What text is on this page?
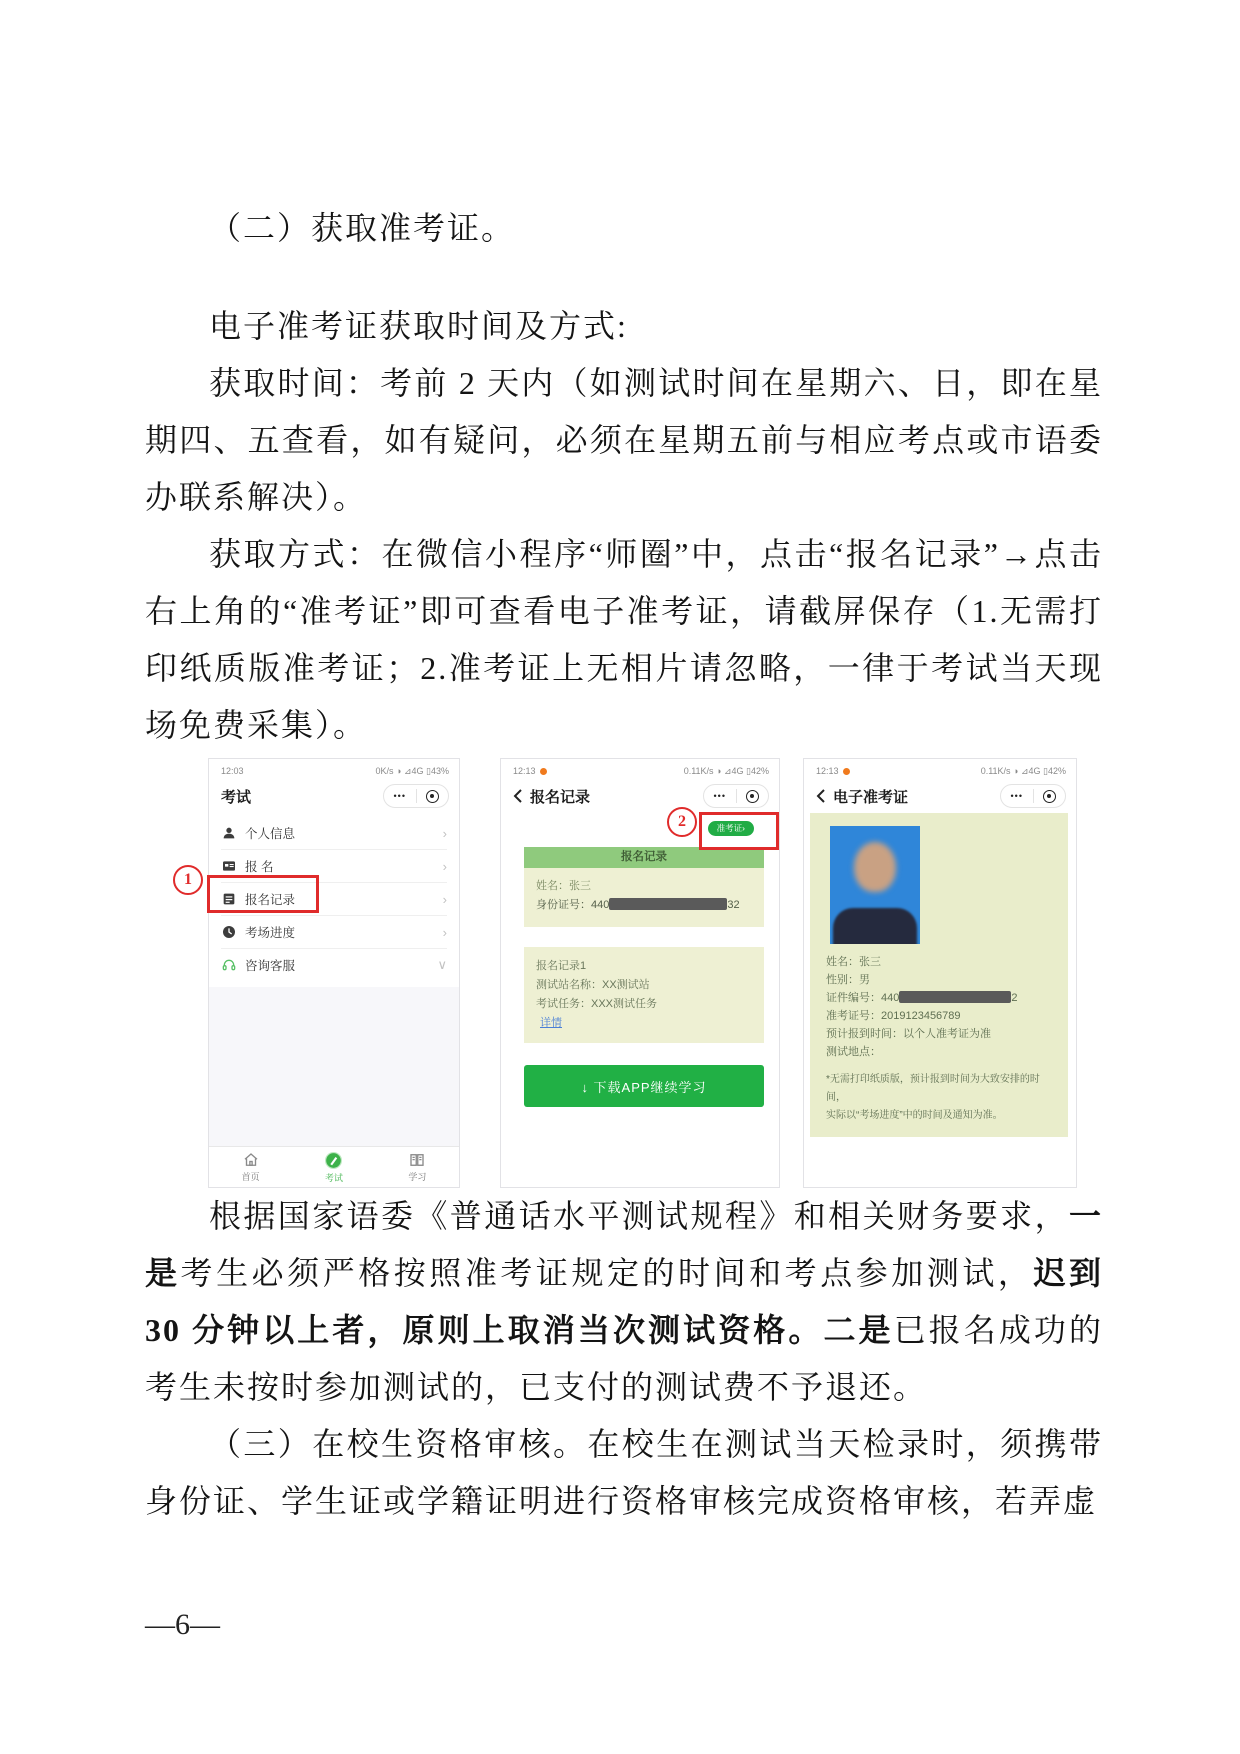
（二）获取准考证。

电子准考证获取时间及方式:

获取时间：考前 2 天内（如测试时间在星期六、日，即在星期四、五查看，如有疑问，必须在星期五前与相应考点或市语委办联系解决）。

获取方式：在微信小程序“师圈”中，点击“报名记录”→点击右上角的“准考证”即可查看电子准考证，请截屏保存（1.无需打印纸质版准考证；2.准考证上无相片请忽略，一律于考试当天现场免费采集）。

12:03	0K/s ◑ ⊿4G ▯43%
考试	•••
个人信息	›
报 名	›
报名记录	›
考场进度	›
咨询客服	∨
首页	考试	学习
1
12:13	0.11K/s ◑ ⊿4G ▯42%
报名记录	•••
准考证›
报名记录
姓名：张三
身份证号：440	32
报名记录1
测试站名称：XX测试站
考试任务：XXX测试任务
详情
↓ 下载APP继续学习
2
12:13	0.11K/s ◑ ⊿4G ▯42%
电子准考证	•••
姓名：张三
性别：男
证件编号：440	2
准考证号：2019123456789
预计报到时间：以个人准考证为准
测试地点：
*无需打印纸质版，预计报到时间为大致安排的时间，
实际以“考场进度”中的时间及通知为准。

根据国家语委《普通话水平测试规程》和相关财务要求，一是考生必须严格按照准考证规定的时间和考点参加测试，迟到 30 分钟以上者，原则上取消当次测试资格。二是已报名成功的考生未按时参加测试的，已支付的测试费不予退还。

（三）在校生资格审核。在校生在测试当天检录时，须携带身份证、学生证或学籍证明进行资格审核完成资格审核，若弄虚

—6—
